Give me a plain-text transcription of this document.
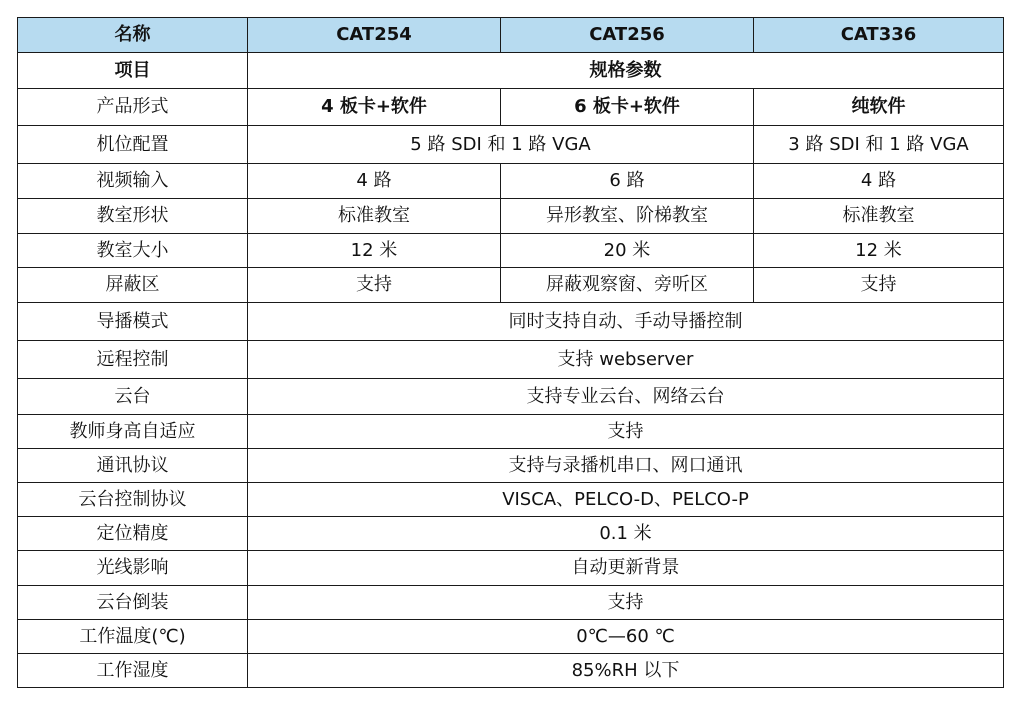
名称	CAT254	CAT256	CAT336
项目	规格参数		
产品形式	4 板卡+软件	6 板卡+软件	纯软件
机位配置	5 路 SDI 和 1 路 VGA		3 路 SDI 和 1 路 VGA
视频输入	4 路	6 路	4 路
教室形状	标准教室	异形教室、阶梯教室	标准教室
教室大小	12 米	20 米	12 米
屏蔽区	支持	屏蔽观察窗、旁听区	支持
导播模式	同时支持自动、手动导播控制		
远程控制	支持 webserver		
云台	支持专业云台、网络云台		
教师身高自适应	支持		
通讯协议	支持与录播机串口、网口通讯		
云台控制协议	VISCA、PELCO-D、PELCO-P		
定位精度	0.1 米		
光线影响	自动更新背景		
云台倒装	支持		
工作温度(℃)	0℃—60 ℃		
工作湿度	85%RH 以下		
